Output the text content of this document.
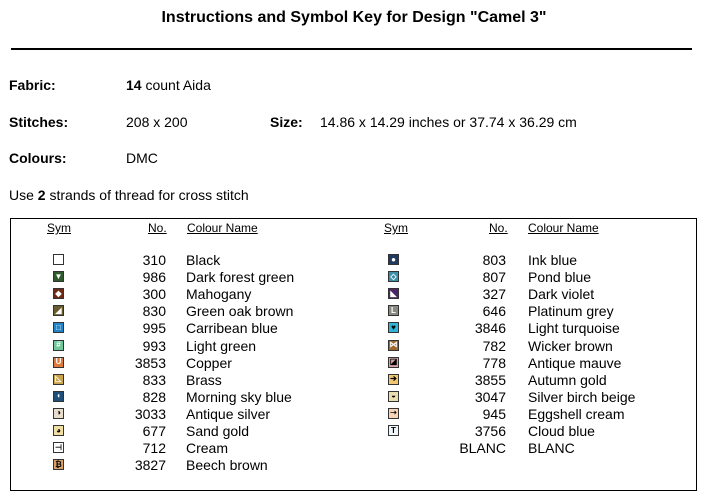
Instructions and Symbol Key for Design "Camel 3"
Fabric:	14 count Aida
Stitches:	208 x 200	Size: 14.86 x 14.29 inches or 37.74 x 36.29 cm
Colours:	DMC
Use 2 strands of thread for cross stitch
Sym	No. Colour Name	Sym	No. Colour Name
310 Black
▼	986 Dark forest green
◆	300 Mahogany
◢	830 Green oak brown
□	995 Carribean blue
#	993 Light green
U	3853 Copper
◺	833 Brass
◖	828 Morning sky blue
◑	3033 Antique silver
◕	677 Sand gold
⊣	712 Cream
₿	3827 Beech brown
●	803 Ink blue
◇	807 Pond blue
◣	327 Dark violet
L	646 Platinum grey
♥	3846 Light turquoise
⋈	782 Wicker brown
◪	778 Antique mauve
➔	3855 Autumn gold
◒	3047 Silver birch beige
➝	945 Eggshell cream
T	3756 Cloud blue
BLANC BLANC
